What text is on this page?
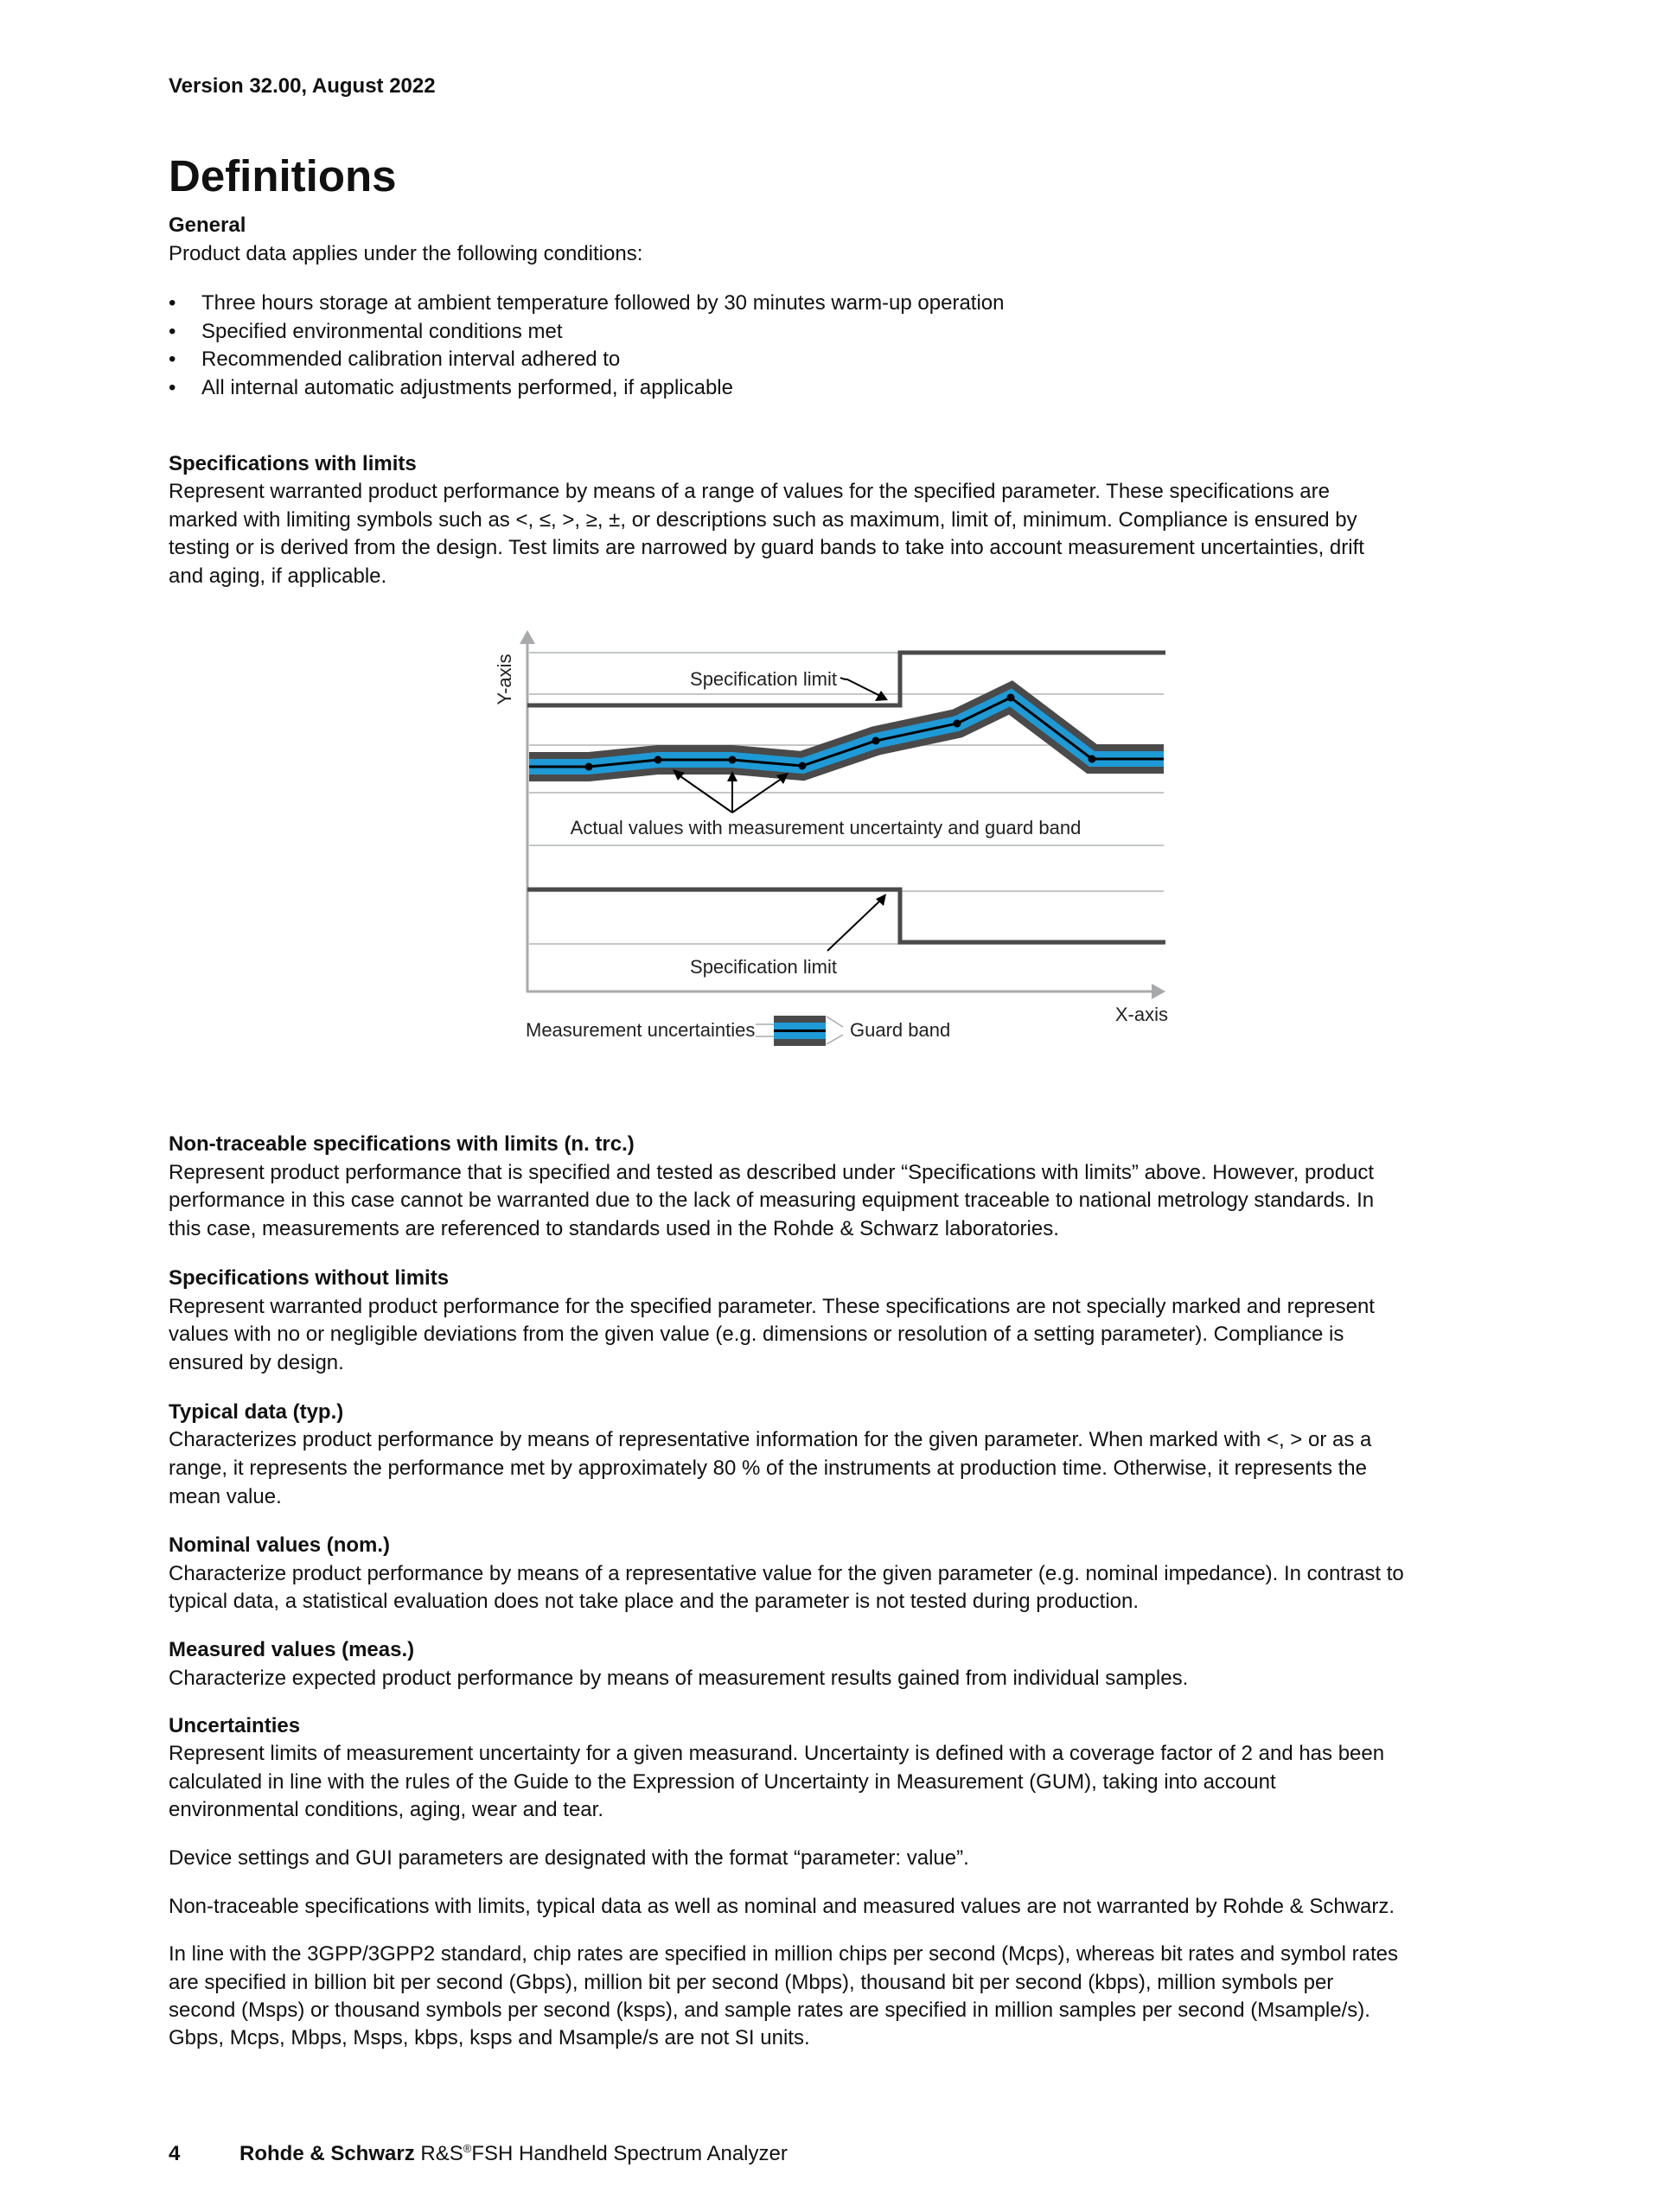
Version 32.00, August 2022
Definitions
General
Product data applies under the following conditions:
• Three hours storage at ambient temperature followed by 30 minutes warm-up operation
• Specified environmental conditions met
• Recommended calibration interval adhered to
• All internal automatic adjustments performed, if applicable
Specifications with limits
Represent warranted product performance by means of a range of values for the specified parameter. These specifications are
marked with limiting symbols such as <, ≤, >, ≥, ±, or descriptions such as maximum, limit of, minimum. Compliance is ensured by
testing or is derived from the design. Test limits are narrowed by guard bands to take into account measurement uncertainties, drift
and aging, if applicable.
Y-axis
X-axis
Specification limit
Actual values with measurement uncertainty and guard band
Specification limit
Measurement uncertainties	Guard band
Non-traceable specifications with limits (n. trc.)
Represent product performance that is specified and tested as described under “Specifications with limits” above. However, product
performance in this case cannot be warranted due to the lack of measuring equipment traceable to national metrology standards. In
this case, measurements are referenced to standards used in the Rohde & Schwarz laboratories.
Specifications without limits
Represent warranted product performance for the specified parameter. These specifications are not specially marked and represent
values with no or negligible deviations from the given value (e.g. dimensions or resolution of a setting parameter). Compliance is
ensured by design.
Typical data (typ.)
Characterizes product performance by means of representative information for the given parameter. When marked with <, > or as a
range, it represents the performance met by approximately 80 % of the instruments at production time. Otherwise, it represents the
mean value.
Nominal values (nom.)
Characterize product performance by means of a representative value for the given parameter (e.g. nominal impedance). In contrast to
typical data, a statistical evaluation does not take place and the parameter is not tested during production.
Measured values (meas.)
Characterize expected product performance by means of measurement results gained from individual samples.
Uncertainties
Represent limits of measurement uncertainty for a given measurand. Uncertainty is defined with a coverage factor of 2 and has been
calculated in line with the rules of the Guide to the Expression of Uncertainty in Measurement (GUM), taking into account
environmental conditions, aging, wear and tear.
Device settings and GUI parameters are designated with the format “parameter: value”.
Non-traceable specifications with limits, typical data as well as nominal and measured values are not warranted by Rohde & Schwarz.
In line with the 3GPP/3GPP2 standard, chip rates are specified in million chips per second (Mcps), whereas bit rates and symbol rates
are specified in billion bit per second (Gbps), million bit per second (Mbps), thousand bit per second (kbps), million symbols per
second (Msps) or thousand symbols per second (ksps), and sample rates are specified in million samples per second (Msample/s).
Gbps, Mcps, Mbps, Msps, kbps, ksps and Msample/s are not SI units.
4	Rohde & Schwarz R&S®FSH Handheld Spectrum Analyzer
